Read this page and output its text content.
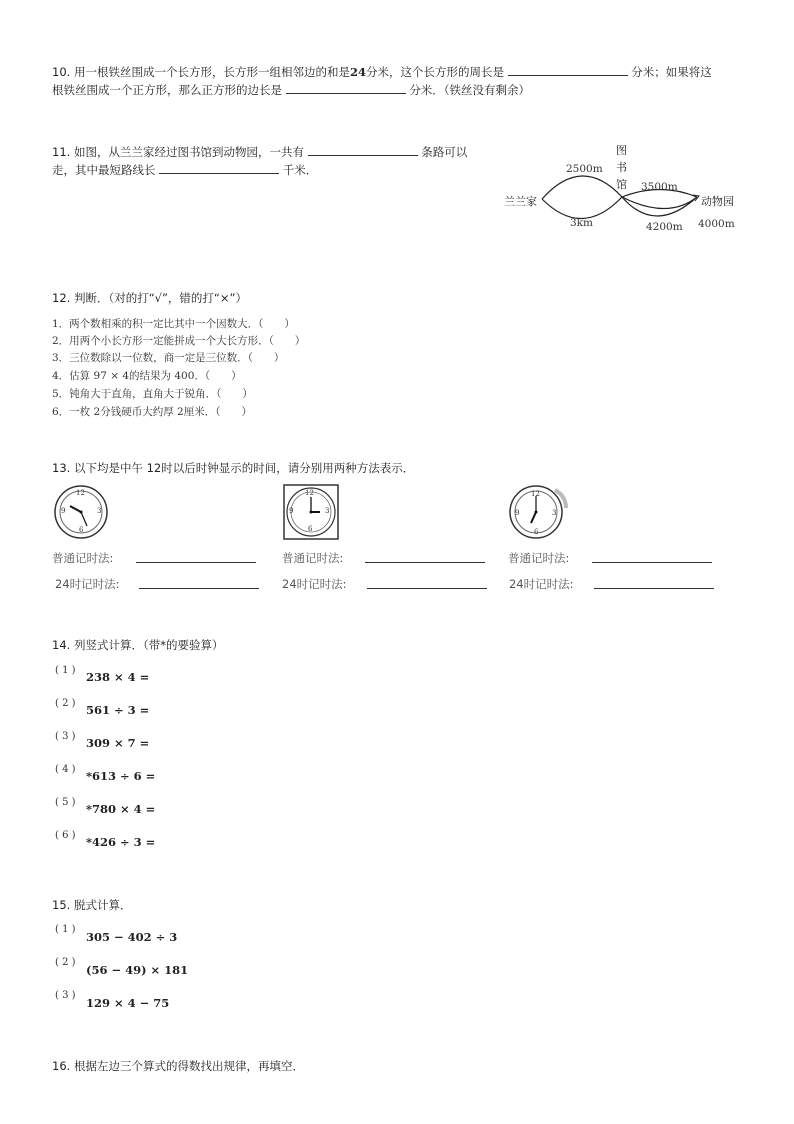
10. 用一根铁丝围成一个长方形，长方形一组相邻边的和是24分米，这个长方形的周长是	分米；如果将这
根铁丝围成一个正方形，那么正方形的边长是	分米．（铁丝没有剩余）
11. 如图，从兰兰家经过图书馆到动物园，一共有	条路可以
走，其中最短路线长	千米．
兰兰家
图
书
馆
动物园
2500m
3km
3500m
4200m 4000m
12. 判断．（对的打“√”，错的打“×”）
1．两个数相乘的积一定比其中一个因数大．（　　）
2．用两个小长方形一定能拼成一个大长方形．（　　）
3．三位数除以一位数，商一定是三位数．（　　）
4．估算 97 × 4的结果为 400．（　　）
5．钝角大于直角，直角大于锐角．（　　）
6．一枚 2分钱硬币大约厚 2厘米．（　　）
13. 以下均是中午 12时以后时钟显示的时间，请分别用两种方法表示．
12
3
6
9
12
3
6
9
12
3
6
9
普通记时法:
24时记时法:
普通记时法:
24时记时法:
普通记时法:
24时记时法:
14. 列竖式计算．（带*的要验算）
( 1 ) 238 × 4 =
( 2 ) 561 ÷ 3 =
( 3 ) 309 × 7 =
( 4 ) *613 ÷ 6 =
( 5 ) *780 × 4 =
( 6 ) *426 ÷ 3 =
15. 脱式计算．
( 1 )
305 − 402 ÷ 3
( 2 )
(56 − 49) × 181
( 3 )
129 × 4 − 75
16. 根据左边三个算式的得数找出规律，再填空．
